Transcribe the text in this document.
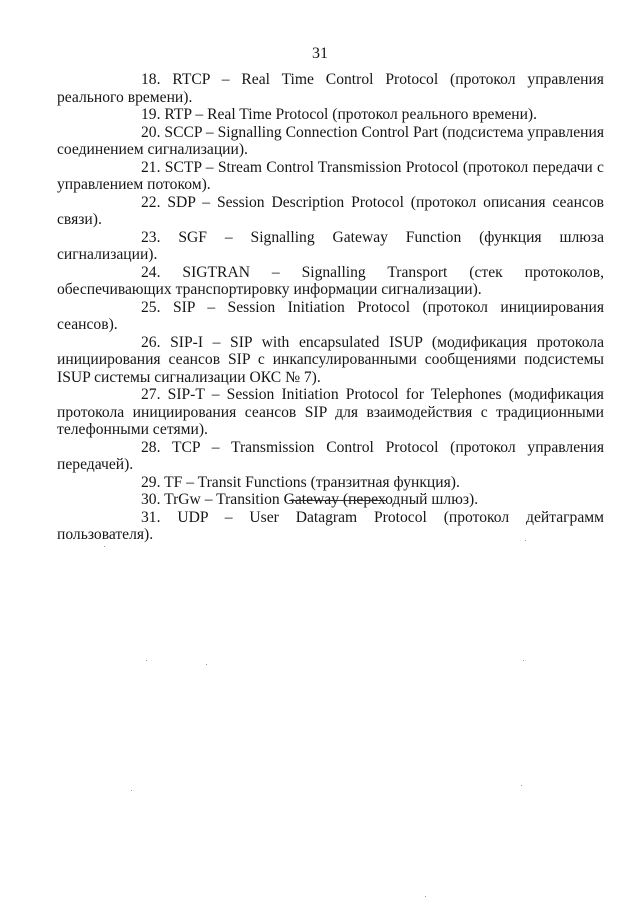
31

18. RTCP – Real Time Control Protocol (протокол управления реального времени).

19. RTP – Real Time Protocol (протокол реального времени).

20. SCCP – Signalling Connection Control Part (подсистема управления соединением сигнализации).

21. SCTP – Stream Control Transmission Protocol (протокол передачи с управлением потоком).

22. SDP – Session Description Protocol (протокол описания сеансов связи).

23. SGF – Signalling Gateway Function (функция шлюза сигнализации).

24. SIGTRAN – Signalling Transport (стек протоколов, обеспечивающих транспортировку информации сигнализации).

25. SIP – Session Initiation Protocol (протокол инициирования сеансов).

26. SIP-I – SIP with encapsulated ISUP (модификация протокола инициирования сеансов SIP с инкапсулированными сообщениями подсистемы ISUP системы сигнализации ОКС № 7).

27. SIP-T – Session Initiation Protocol for Telephones (модификация протокола инициирования сеансов SIP для взаимодействия с традиционными телефонными сетями).

28. TCP – Transmission Control Protocol (протокол управления передачей).

29. TF – Transit Functions (транзитная функция).

30. TrGw – Transition Gateway (переходный шлюз).

31. UDP – User Datagram Protocol (протокол дейтаграмм пользователя).
